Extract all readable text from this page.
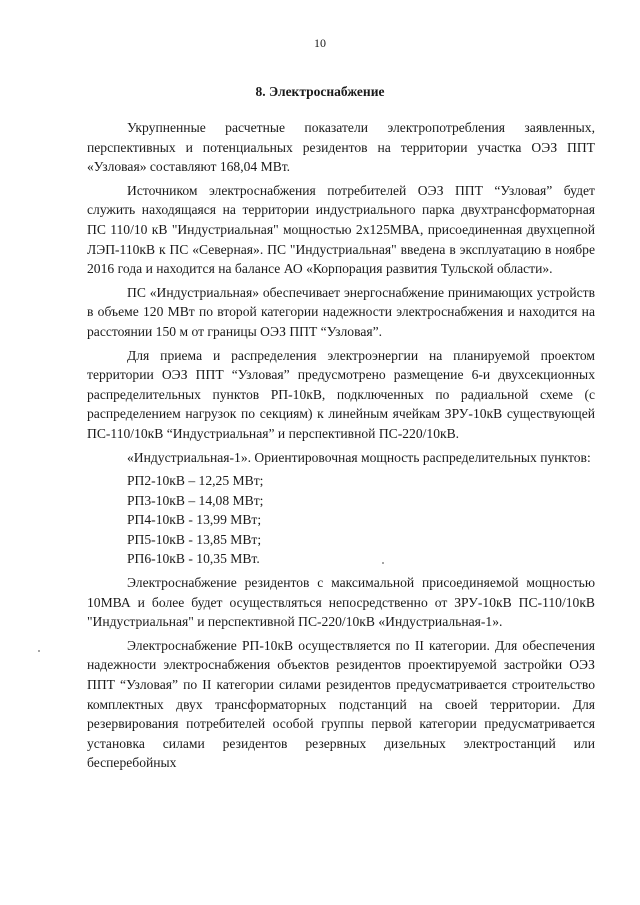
10
8. Электроснабжение

Укрупненные расчетные показатели электропотребления заявленных, перспективных и потенциальных резидентов на территории участка ОЭЗ ППТ «Узловая» составляют 168,04 МВт.

Источником электроснабжения потребителей ОЭЗ ППТ “Узловая” будет служить находящаяся на территории индустриального парка двухтрансформаторная ПС 110/10 кВ "Индустриальная" мощностью 2х125МВА, присоединенная двухцепной ЛЭП-110кВ к ПС «Северная». ПС "Индустриальная" введена в эксплуатацию в ноябре 2016 года и находится на балансе АО «Корпорация развития Тульской области».

ПС «Индустриальная» обеспечивает энергоснабжение принимающих устройств в объеме 120 МВт по второй категории надежности электроснабжения и находится на расстоянии 150 м от границы ОЭЗ ППТ “Узловая”.

Для приема и распределения электроэнергии на планируемой проектом территории ОЭЗ ППТ “Узловая” предусмотрено размещение 6-и двухсекционных распределительных пунктов РП-10кВ, подключенных по радиальной схеме (с распределением нагрузок по секциям) к линейным ячейкам ЗРУ-10кВ существующей ПС-110/10кВ “Индустриальная” и перспективной ПС-220/10кВ.

«Индустриальная-1». Ориентировочная мощность распределительных пунктов:

РП2-10кВ – 12,25 МВт;
РП3-10кВ – 14,08 МВт;
РП4-10кВ - 13,99 МВт;
РП5-10кВ - 13,85 МВт;
РП6-10кВ - 10,35 МВт.

Электроснабжение резидентов с максимальной присоединяемой мощностью 10МВА и более будет осуществляться непосредственно от ЗРУ-10кВ ПС-110/10кВ "Индустриальная" и перспективной ПС-220/10кВ «Индустриальная-1».

Электроснабжение РП-10кВ осуществляется по II категории. Для обеспечения надежности электроснабжения объектов резидентов проектируемой застройки ОЭЗ ППТ “Узловая” по II категории силами резидентов предусматривается строительство комплектных двух трансформаторных подстанций на своей территории. Для резервирования потребителей особой группы первой категории предусматривается установка силами резидентов резервных дизельных электростанций или бесперебойных
